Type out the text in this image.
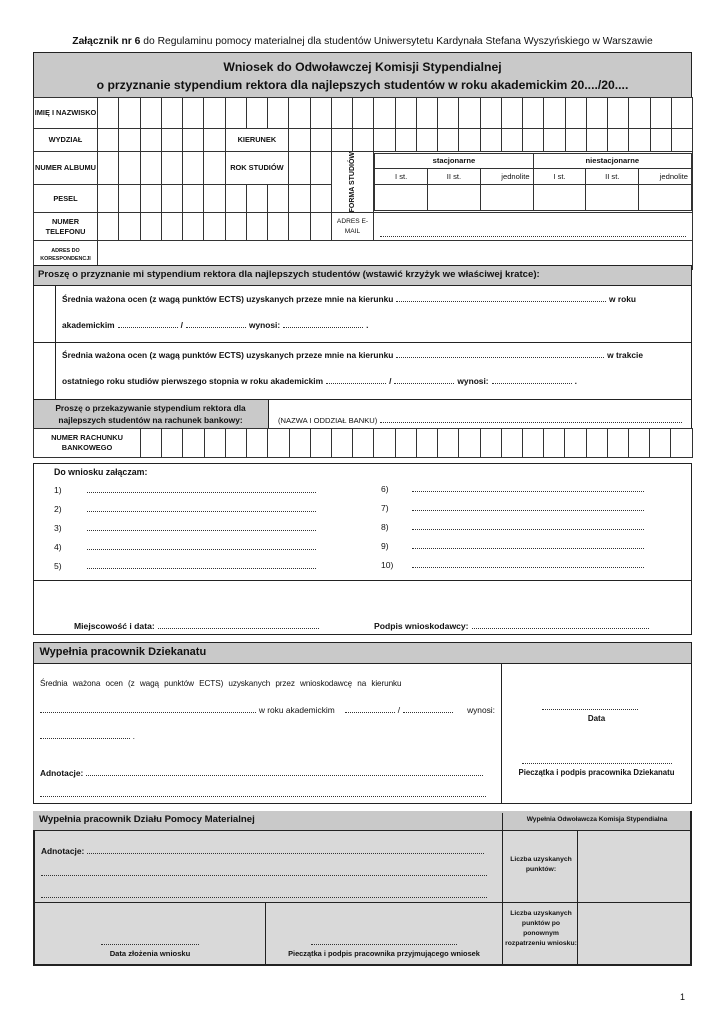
Załącznik nr 6 do Regulaminu pomocy materialnej dla studentów Uniwersytetu Kardynała Stefana Wyszyńskiego w Warszawie
Wniosek do Odwoławczej Komisji Stypendialnej
o przyznanie stypendium rektora dla najlepszych studentów w roku akademickim 20..../20....
IMIĘ I NAZWISKO																												
WYDZIAŁ							KIERUNEK																			
NUMER ALBUMU							ROK STUDIÓW			FORMA STUDIÓW
		stacjonarne	niestacjonarne
I st.	II st.	jednolite	I st.	II st.	jednolite

PESEL											
NUMER TELEFONU												ADRES E-MAIL	

ADRES DO KORESPONDENCJI	
Proszę o przyznanie mi stypendium rektora dla najlepszych studentów (wstawić krzyżyk we właściwej kratce):
Średnia ważona ocen (z wagą punktów ECTS) uzyskanych przeze mnie na kierunku	w roku
akademickim	/	wynosi:	.
Średnia ważona ocen (z wagą punktów ECTS) uzyskanych przeze mnie na kierunku	w trakcie
ostatniego roku studiów pierwszego stopnia w roku akademickim	/	wynosi:	.
Proszę o przekazywanie stypendium rektora dla najlepszych studentów na rachunek bankowy:	(NAZWA I ODDZIAŁ BANKU)
NUMER RACHUNKU BANKOWEGO																										
Do wniosku załączam:
1)
2)
3)
4)
5)
6)
7)
8)
9)
10)
Miejscowość i data:	Podpis wnioskodawcy:
Wypełnia pracownik Dziekanatu
Średnia ważona ocen (z wagą punktów ECTS) uzyskanych przez wnioskodawcę na kierunku
w roku akademickim	/	wynosi:
.
Adnotacje:
Data
Pieczątka i podpis pracownika Dziekanatu
Wypełnia pracownik Działu Pomocy Materialnej	Wypełnia Odwoławcza Komisja Stypendialna
Adnotacje:
Data złożenia wniosku	Pieczątka i podpis pracownika przyjmującego wniosek
Liczba uzyskanych punktów:
Liczba uzyskanych punktów po ponownym rozpatrzeniu wniosku:
1
